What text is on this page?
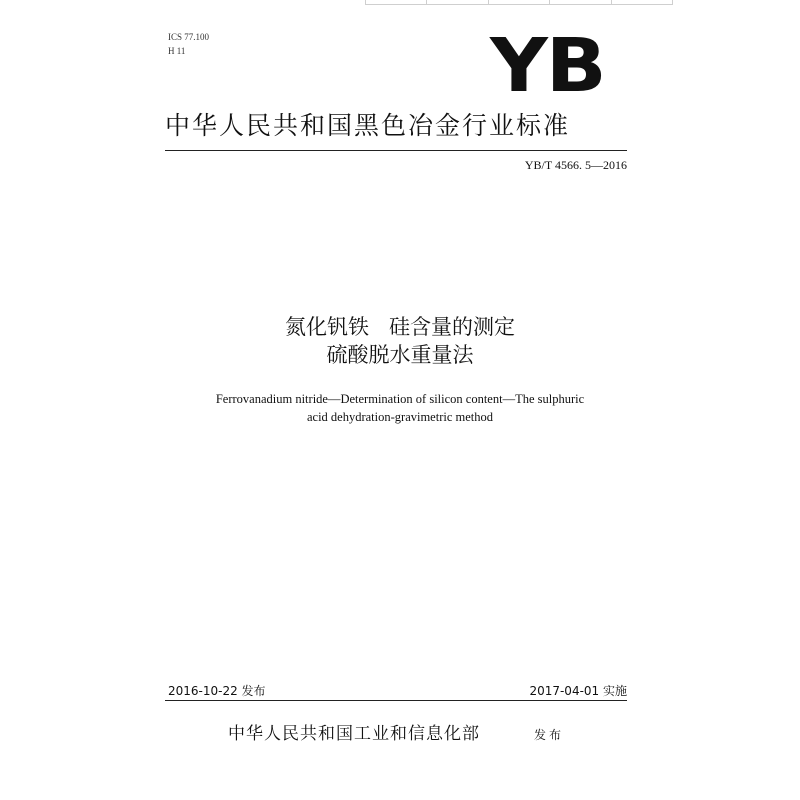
ICS 77.100
H 11	YB
中华人民共和国黑色冶金行业标准
YB/T 4566. 5—2016
氮化钒铁   硅含量的测定
硫酸脱水重量法
Ferrovanadium nitride—Determination of silicon content—The sulphuric
acid dehydration-gravimetric method
2016-10-22 发布	2017-04-01 实施
中华人民共和国工业和信息化部	发布
